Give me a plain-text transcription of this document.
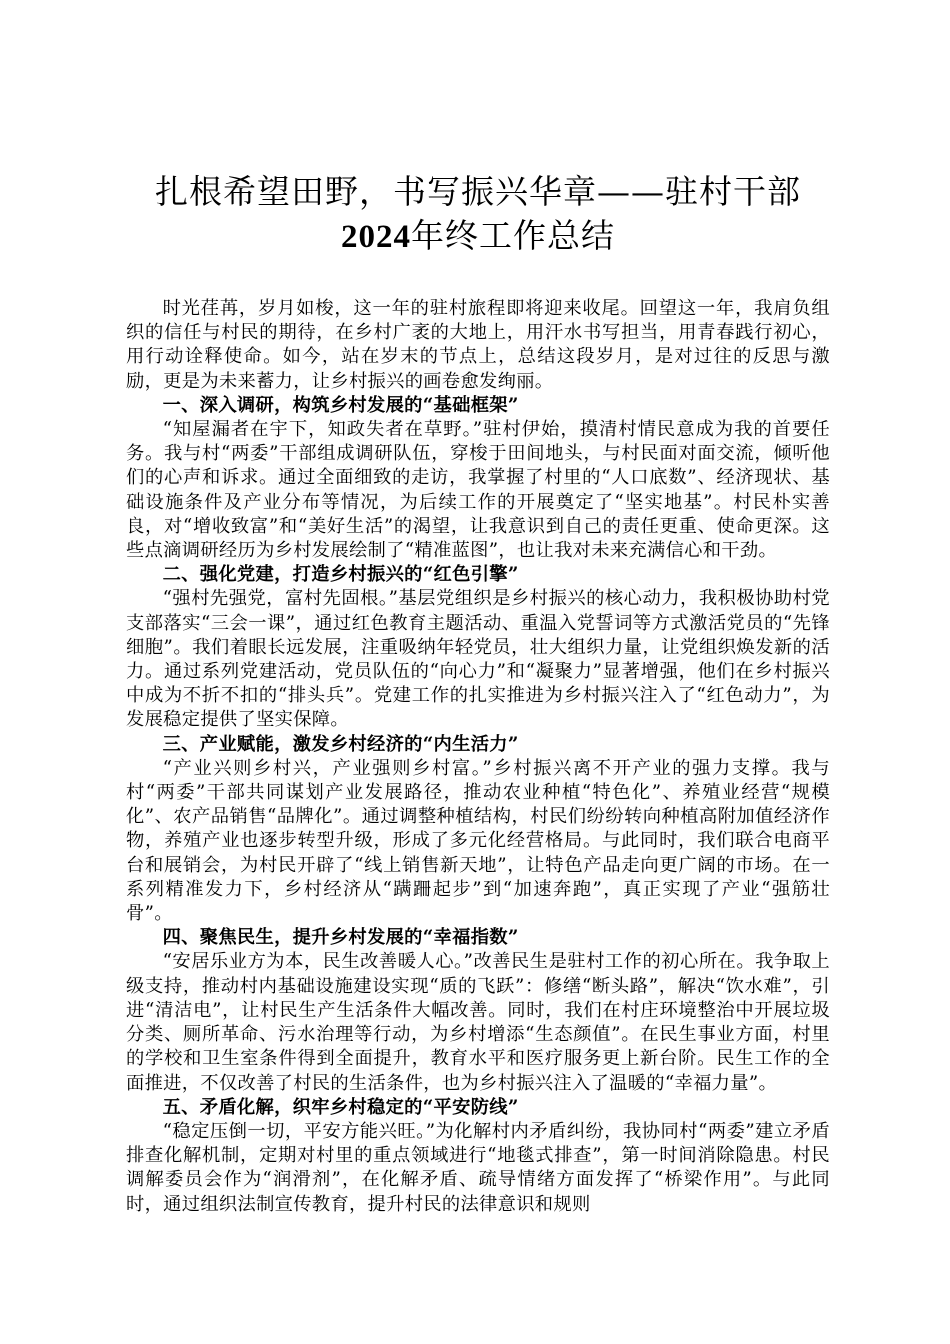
扎根希望田野，书写振兴华章——驻村干部
2024年终工作总结

时光荏苒，岁月如梭，这一年的驻村旅程即将迎来收尾。回望这一年，我肩负组织的信任与村民的期待，在乡村广袤的大地上，用汗水书写担当，用青春践行初心，用行动诠释使命。如今，站在岁末的节点上，总结这段岁月，是对过往的反思与激励，更是为未来蓄力，让乡村振兴的画卷愈发绚丽。

一、深入调研，构筑乡村发展的“基础框架”

“知屋漏者在宇下，知政失者在草野。”驻村伊始，摸清村情民意成为我的首要任务。我与村“两委”干部组成调研队伍，穿梭于田间地头，与村民面对面交流，倾听他们的心声和诉求。通过全面细致的走访，我掌握了村里的“人口底数”、经济现状、基础设施条件及产业分布等情况，为后续工作的开展奠定了“坚实地基”。村民朴实善良，对“增收致富”和“美好生活”的渴望，让我意识到自己的责任更重、使命更深。这些点滴调研经历为乡村发展绘制了“精准蓝图”，也让我对未来充满信心和干劲。

二、强化党建，打造乡村振兴的“红色引擎”

“强村先强党，富村先固根。”基层党组织是乡村振兴的核心动力，我积极协助村党支部落实“三会一课”，通过红色教育主题活动、重温入党誓词等方式激活党员的“先锋细胞”。我们着眼长远发展，注重吸纳年轻党员，壮大组织力量，让党组织焕发新的活力。通过系列党建活动，党员队伍的“向心力”和“凝聚力”显著增强，他们在乡村振兴中成为不折不扣的“排头兵”。党建工作的扎实推进为乡村振兴注入了“红色动力”，为发展稳定提供了坚实保障。

三、产业赋能，激发乡村经济的“内生活力”

“产业兴则乡村兴，产业强则乡村富。”乡村振兴离不开产业的强力支撑。我与村“两委”干部共同谋划产业发展路径，推动农业种植“特色化”、养殖业经营“规模化”、农产品销售“品牌化”。通过调整种植结构，村民们纷纷转向种植高附加值经济作物，养殖产业也逐步转型升级，形成了多元化经营格局。与此同时，我们联合电商平台和展销会，为村民开辟了“线上销售新天地”，让特色产品走向更广阔的市场。在一系列精准发力下，乡村经济从“蹒跚起步”到“加速奔跑”，真正实现了产业“强筋壮骨”。

四、聚焦民生，提升乡村发展的“幸福指数”

“安居乐业方为本，民生改善暖人心。”改善民生是驻村工作的初心所在。我争取上级支持，推动村内基础设施建设实现“质的飞跃”：修缮“断头路”，解决“饮水难”，引进“清洁电”，让村民生产生活条件大幅改善。同时，我们在村庄环境整治中开展垃圾分类、厕所革命、污水治理等行动，为乡村增添“生态颜值”。在民生事业方面，村里的学校和卫生室条件得到全面提升，教育水平和医疗服务更上新台阶。民生工作的全面推进，不仅改善了村民的生活条件，也为乡村振兴注入了温暖的“幸福力量”。

五、矛盾化解，织牢乡村稳定的“平安防线”

“稳定压倒一切，平安方能兴旺。”为化解村内矛盾纠纷，我协同村“两委”建立矛盾排查化解机制，定期对村里的重点领域进行“地毯式排查”，第一时间消除隐患。村民调解委员会作为“润滑剂”，在化解矛盾、疏导情绪方面发挥了“桥梁作用”。与此同时，通过组织法制宣传教育，提升村民的法律意识和规则
